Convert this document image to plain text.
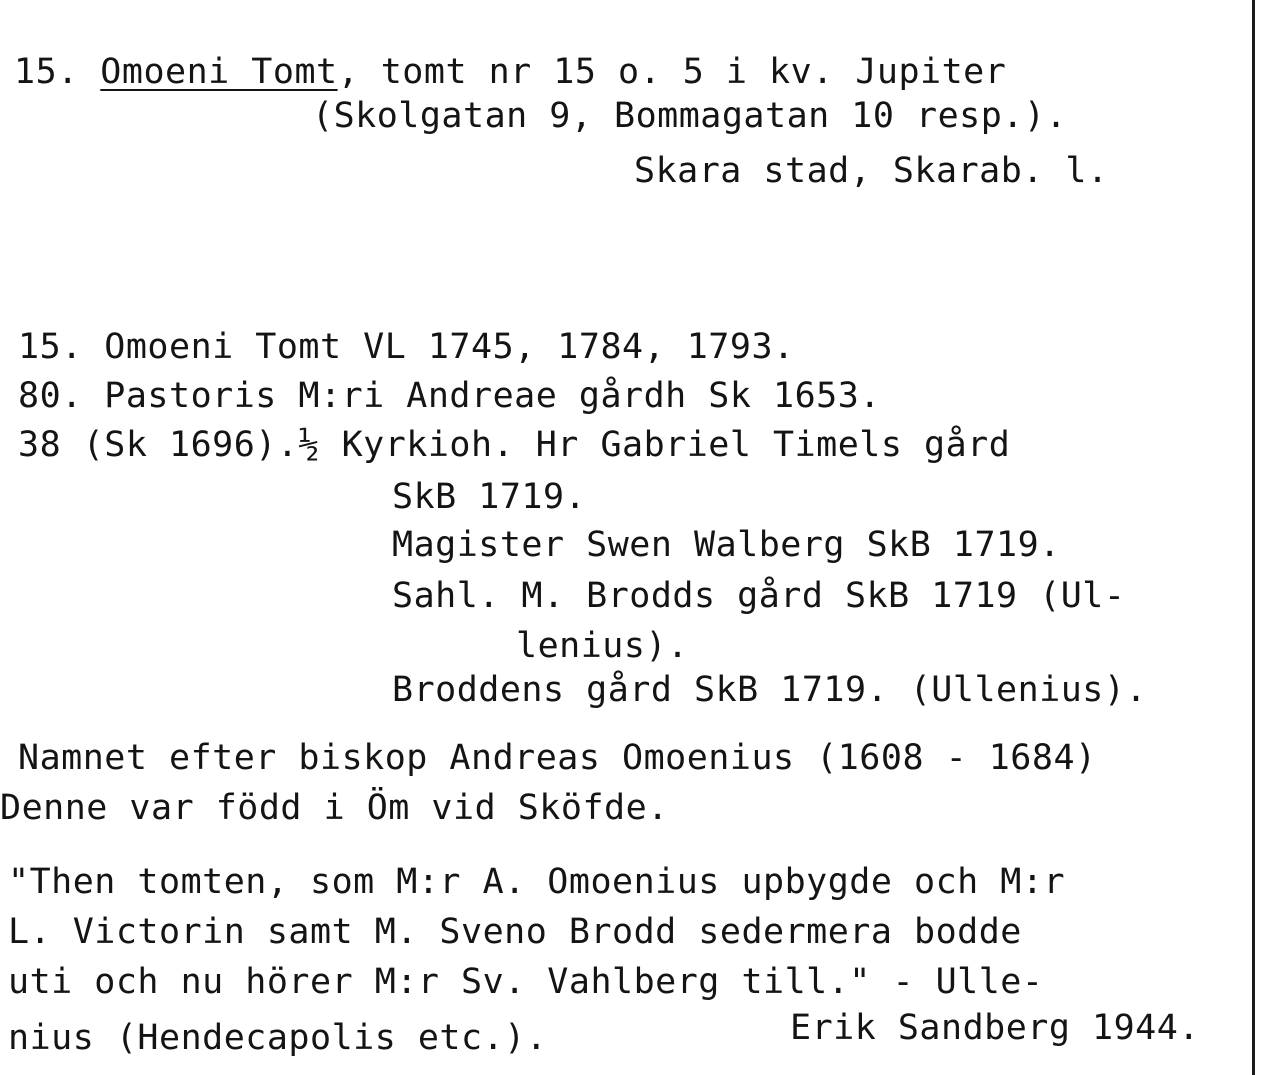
15. Omoeni Tomt, tomt nr 15 o. 5 i kv. Jupiter
(Skolgatan 9, Bommagatan 10 resp.).
Skara stad, Skarab. l.
15. Omoeni Tomt VL 1745, 1784, 1793.
80. Pastoris M:ri Andreae gårdh Sk 1653.
38 (Sk 1696).½ Kyrkioh. Hr Gabriel Timels gård
SkB 1719.
Magister Swen Walberg SkB 1719.
Sahl. M. Brodds gård SkB 1719 (Ul-
lenius).
Broddens gård SkB 1719. (Ullenius).
Namnet efter biskop Andreas Omoenius (1608 - 1684)
Denne var född i Öm vid Sköfde.
"Then tomten, som M:r A. Omoenius upbygde och M:r
L. Victorin samt M. Sveno Brodd sedermera bodde
uti och nu hörer M:r Sv. Vahlberg till." - Ulle-
nius (Hendecapolis etc.).	Erik Sandberg 1944.
